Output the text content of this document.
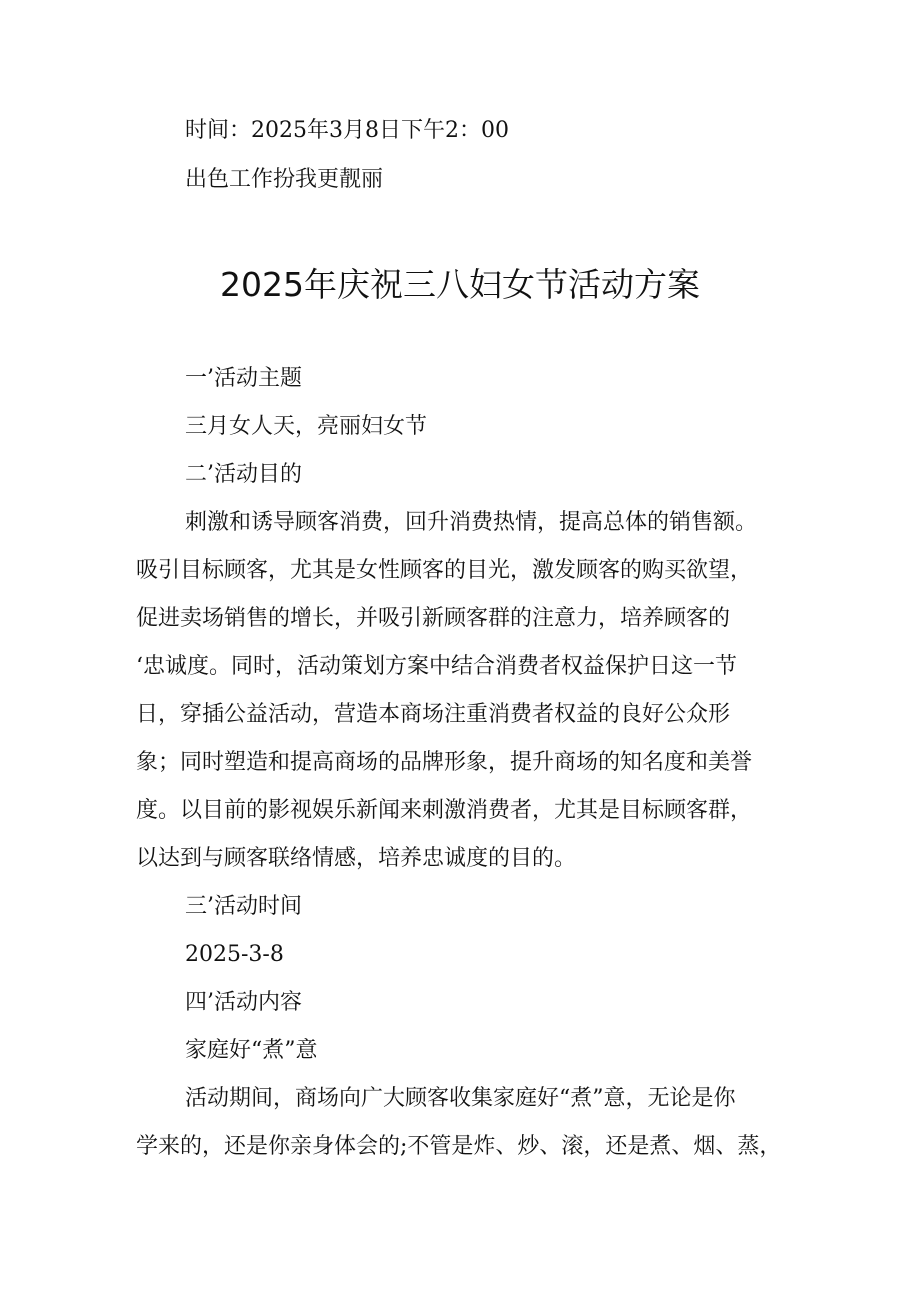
时间：2025年3月8日下午2：00
出色工作扮我更靓丽
2025年庆祝三八妇女节活动方案
一’活动主题
三月女人天，亮丽妇女节
二’活动目的
刺激和诱导顾客消费，回升消费热情，提高总体的销售额。
吸引目标顾客，尤其是女性顾客的目光，激发顾客的购买欲望，
促进卖场销售的增长，并吸引新顾客群的注意力，培养顾客的
‘忠诚度。同时，活动策划方案中结合消费者权益保护日这一节
日，穿插公益活动，营造本商场注重消费者权益的良好公众形
象；同时塑造和提高商场的品牌形象，提升商场的知名度和美誉
度。以目前的影视娱乐新闻来刺激消费者，尤其是目标顾客群，
以达到与顾客联络情感，培养忠诚度的目的。
三’活动时间
2025-3-8
四’活动内容
家庭好“煮”意
活动期间，商场向广大顾客收集家庭好“煮”意，无论是你
学来的，还是你亲身体会的;不管是炸、炒、滚，还是煮、烟、蒸，
